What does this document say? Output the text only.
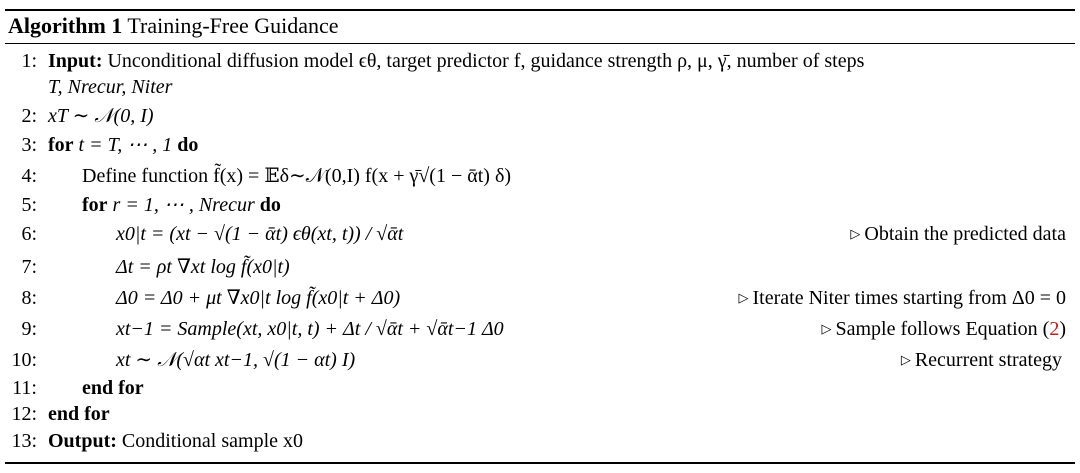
Algorithm 1 Training-Free Guidance
1: Input: Unconditional diffusion model ϵθ, target predictor f, guidance strength ρ, μ, γ̄, number of steps
T, Nrecur, Niter
2: xT ∼ 𝒩(0, I)
3: for t = T, ⋯ , 1 do
4: Define function f̃(x) = 𝔼δ∼𝒩(0,I) f(x + γ̄√(1 − ᾱt) δ)
5: for r = 1, ⋯ , Nrecur do
6:	x0|t = (xt − √(1 − ᾱt) ϵθ(xt, t)) / √ᾱt	▷ Obtain the predicted data
7:	Δt = ρt ∇xt log f̃(x0|t)
8:	Δ0 = Δ0 + μt ∇x0|t log f̃(x0|t + Δ0)	▷ Iterate Niter times starting from Δ0 = 0
9:	xt−1 = Sample(xt, x0|t, t) + Δt / √ᾱt + √ᾱt−1 Δ0	▷ Sample follows Equation (2)
10:	xt ∼ 𝒩(√αt xt−1, √(1 − αt) I)	▷ Recurrent strategy
11: end for
12: end for
13: Output: Conditional sample x0
